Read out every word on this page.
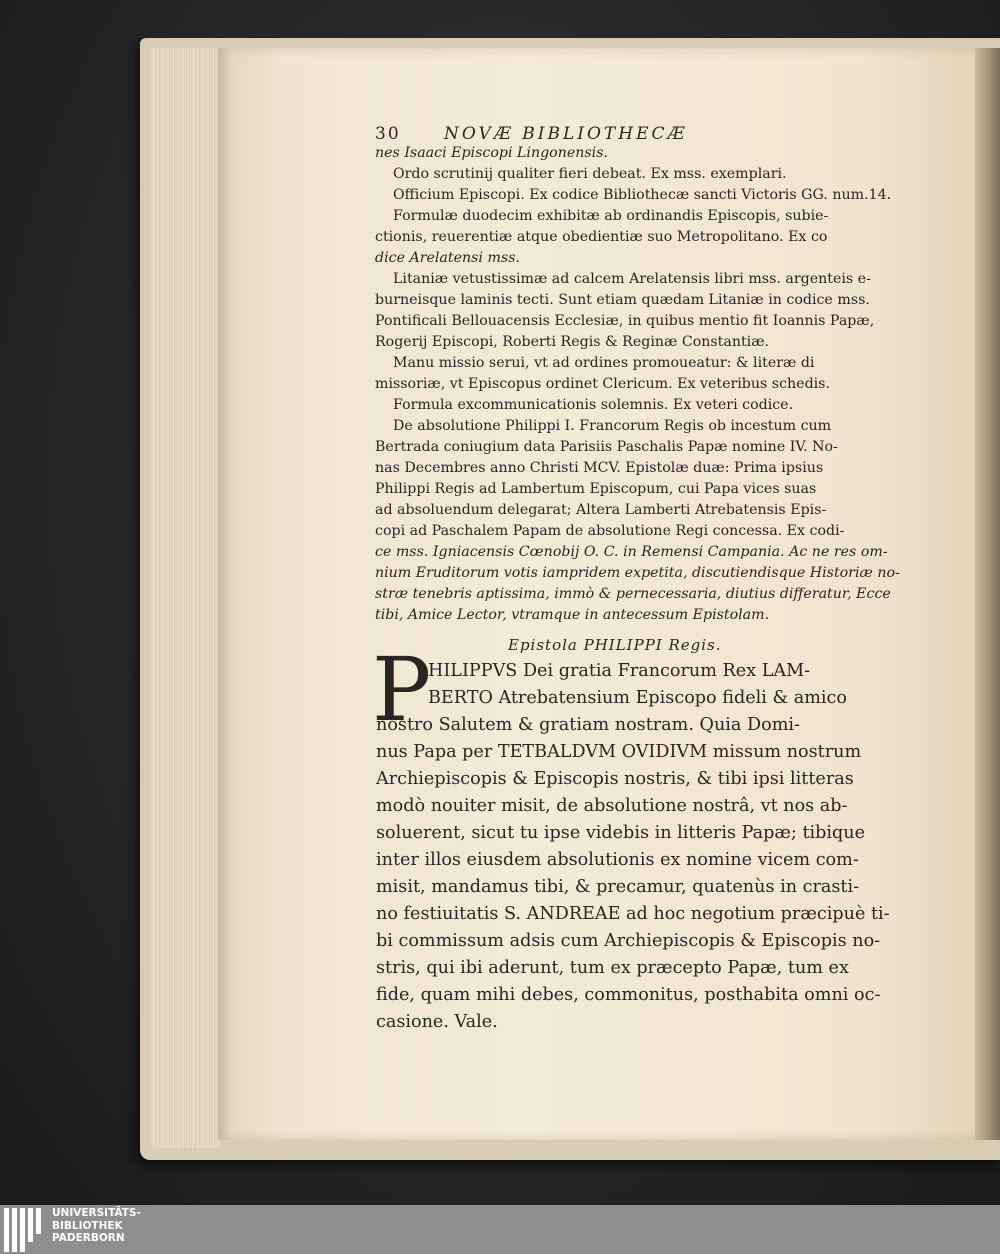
30	NOVÆ BIBLIOTHECÆ
nes Isaaci Episcopi Lingonensis.
Ordo scrutinij qualiter fieri debeat. Ex mss. exemplari.
Officium Episcopi. Ex codice Bibliothecæ sancti Victoris GG. num.14.
Formulæ duodecim exhibitæ ab ordinandis Episcopis, subie-
ctionis, reuerentiæ atque obedientiæ suo Metropolitano. Ex co
dice Arelatensi mss.
Litaniæ vetustissimæ ad calcem Arelatensis libri mss. argenteis e-
burneisque laminis tecti. Sunt etiam quædam Litaniæ in codice mss.
Pontificali Bellouacensis Ecclesiæ, in quibus mentio fit Ioannis Papæ,
Rogerij Episcopi, Roberti Regis & Reginæ Constantiæ.
Manu missio serui, vt ad ordines promoueatur: & literæ di
missoriæ, vt Episcopus ordinet Clericum. Ex veteribus schedis.
Formula excommunicationis solemnis. Ex veteri codice.
De absolutione Philippi I. Francorum Regis ob incestum cum
Bertrada coniugium data Parisiis Paschalis Papæ nomine IV. No-
nas Decembres anno Christi MCV. Epistolæ duæ: Prima ipsius
Philippi Regis ad Lambertum Episcopum, cui Papa vices suas
ad absoluendum delegarat; Altera Lamberti Atrebatensis Epis-
copi ad Paschalem Papam de absolutione Regi concessa. Ex codi-
ce mss. Igniacensis Cœnobij O. C. in Remensi Campania. Ac ne res om-
nium Eruditorum votis iampridem expetita, discutiendisque Historiæ no-
stræ tenebris aptissima, immò & pernecessaria, diutius differatur, Ecce
tibi, Amice Lector, vtramque in antecessum Epistolam.
Epistola PHILIPPI Regis.
P
HILIPPVS Dei gratia Francorum Rex LAM-
BERTO Atrebatensium Episcopo fideli & amico
nostro Salutem & gratiam nostram. Quia Domi-
nus Papa per TETBALDVM OVIDIVM missum nostrum
Archiepiscopis & Episcopis nostris, & tibi ipsi litteras
modò nouiter misit, de absolutione nostrâ, vt nos ab-
soluerent, sicut tu ipse videbis in litteris Papæ; tibique
inter illos eiusdem absolutionis ex nomine vicem com-
misit, mandamus tibi, & precamur, quatenùs in crasti-
no festiuitatis S. ANDREAE ad hoc negotium præcipuè ti-
bi commissum adsis cum Archiepiscopis & Episcopis no-
stris, qui ibi aderunt, tum ex præcepto Papæ, tum ex
fide, quam mihi debes, commonitus, posthabita omni oc-
casione. Vale.
UNIVERSITÄTS-
BIBLIOTHEK
PADERBORN
